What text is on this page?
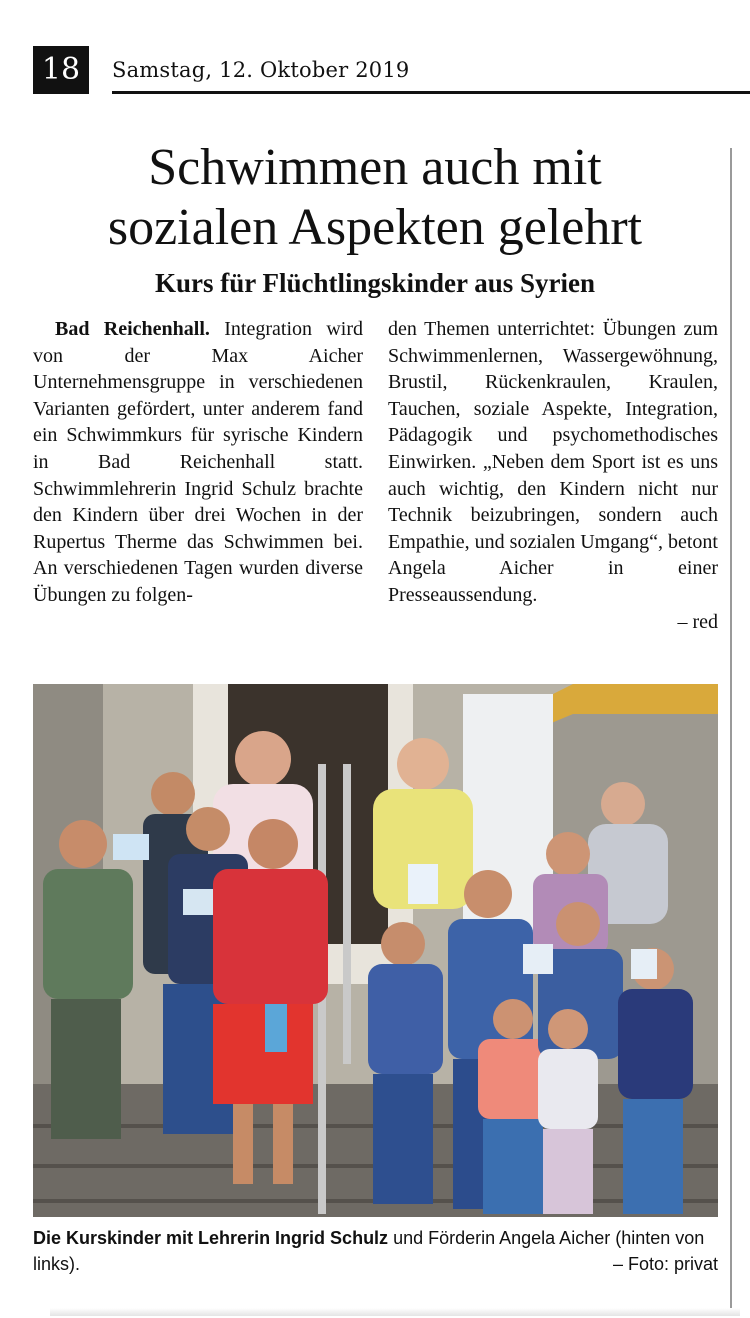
18	Samstag, 12. Oktober 2019
Schwimmen auch mit
sozialen Aspekten gelehrt
Kurs für Flüchtlingskinder aus Syrien

Bad Reichenhall. Integration wird von der Max Aicher Unternehmensgruppe in verschiedenen Varianten gefördert, unter anderem fand ein Schwimmkurs für syrische Kindern in Bad Reichenhall statt. Schwimmlehrerin Ingrid Schulz brachte den Kindern über drei Wochen in der Rupertus Therme das Schwimmen bei. An verschiedenen Tagen wurden diverse Übungen zu folgen-

den Themen unterrichtet: Übungen zum Schwimmenlernen, Wassergewöhnung, Brustil, Rückenkraulen, Kraulen, Tauchen, soziale Aspekte, Integration, Pädagogik und psychomethodisches Einwirken. „Neben dem Sport ist es uns auch wichtig, den Kindern nicht nur Technik beizubringen, sondern auch Empathie, und sozialen Umgang“, betont Angela Aicher in einer Presseaussendung.
– red

Die Kurskinder mit Lehrerin Ingrid Schulz und Förderin Angela Aicher (hinten von links).	– Foto: privat
